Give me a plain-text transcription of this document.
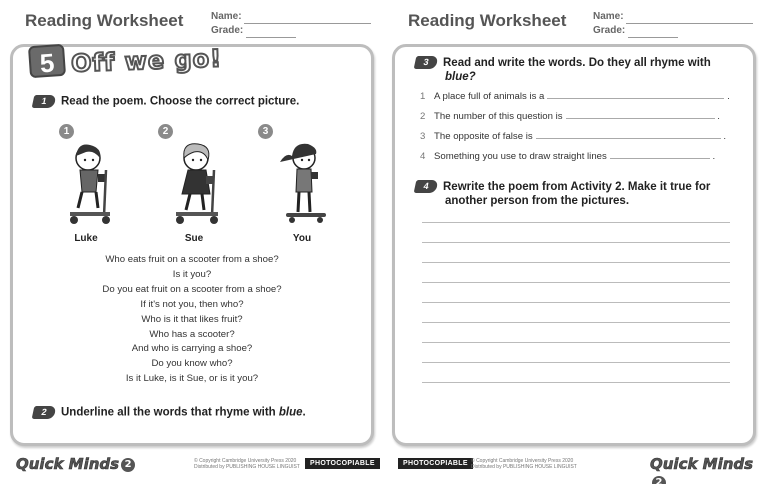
Reading Worksheet	Name:
Grade:
5 Off we go!
1 Read the poem. Choose the correct picture.
1
Luke
2
Sue
3
You
Who eats fruit on a scooter from a shoe?
Is it you?
Do you eat fruit on a scooter from a shoe?
If it's not you, then who?
Who is it that likes fruit?
Who has a scooter?
And who is carrying a shoe?
Do you know who?
Is it Luke, is it Sue, or is it you?
2 Underline all the words that rhyme with blue.
Quick Minds 2	© Copyright Cambridge University Press 2020
Distributed by PUBLISHING HOUSE LINGUIST	PHOTOCOPIABLE
Reading Worksheet	Name:
Grade:
3 Read and write the words. Do they all rhyme with
blue?
1 A place full of animals is a	.
2 The number of this question is	.
3 The opposite of false is	.
4 Something you use to draw straight lines	.
4 Rewrite the poem from Activity 2. Make it true for
another person from the pictures.
PHOTOCOPIABLE © Copyright Cambridge University Press 2020
Distributed by PUBLISHING HOUSE LINGUIST	Quick Minds2
